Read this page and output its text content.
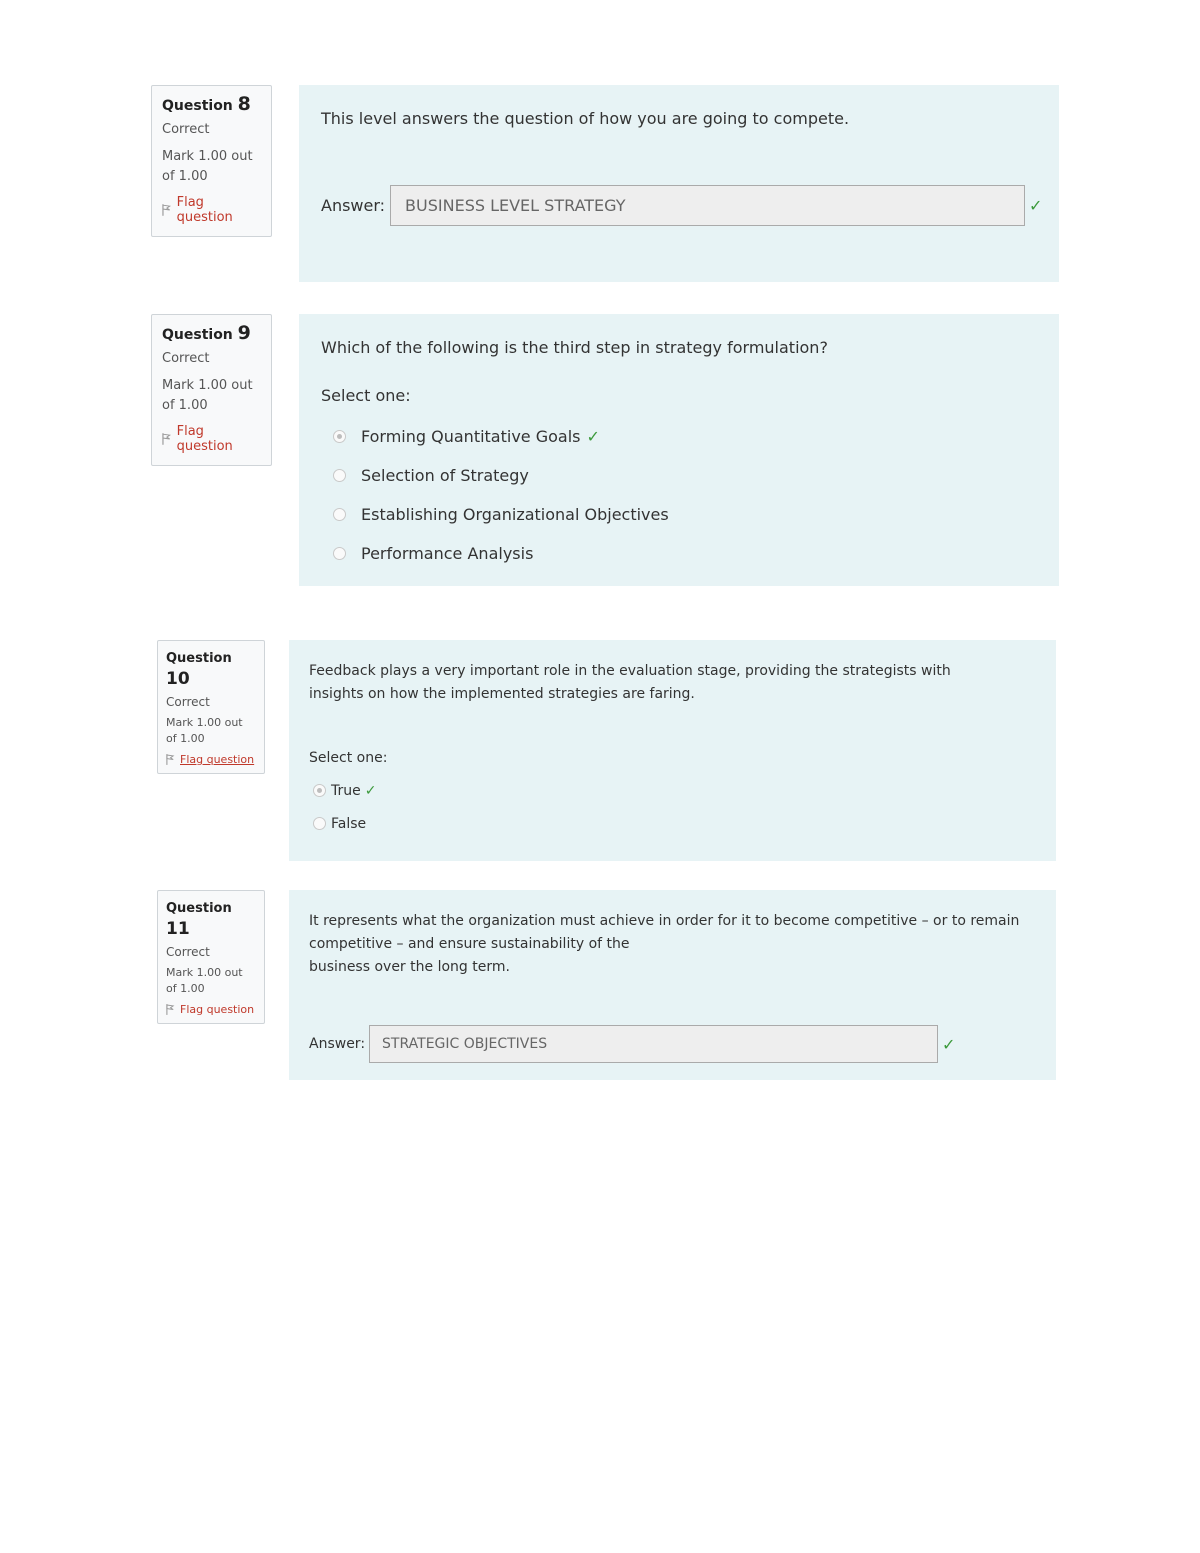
Question 8
Correct
Mark 1.00 out of 1.00
Flag question
This level answers the question of how you are going to compete.
Answer:	BUSINESS LEVEL STRATEGY	✓
Question 9
Correct
Mark 1.00 out of 1.00
Flag question
Which of the following is the third step in strategy formulation?
Select one:
Forming Quantitative Goals ✓
Selection of Strategy
Establishing Organizational Objectives
Performance Analysis
Question 10
Correct
Mark 1.00 out of 1.00
Flag question
Feedback plays a very important role in the evaluation stage, providing the strategists with insights on how the implemented strategies are faring.
Select one:
True ✓
False
Question 11
Correct
Mark 1.00 out of 1.00
Flag question
It represents what the organization must achieve in order for it to become competitive – or to remain
competitive – and ensure sustainability of the
business over the long term.
Answer:	STRATEGIC OBJECTIVES	✓
